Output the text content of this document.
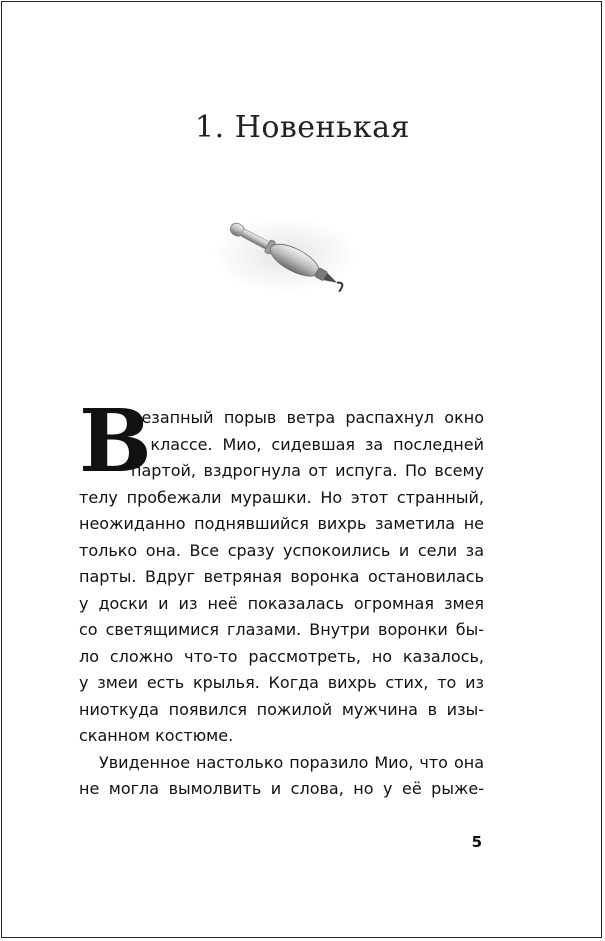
1. Новенькая
В
незапный порыв ветра распахнул окно
в классе. Мио, сидевшая за последней
партой, вздрогнула от испуга. По всему
телу пробежали мурашки. Но этот странный,
неожиданно поднявшийся вихрь заметила не
только она. Все сразу успокоились и сели за
парты. Вдруг ветряная воронка остановилась
у доски и из неё показалась огромная змея
со светящимися глазами. Внутри воронки бы-
ло сложно что-то рассмотреть, но казалось,
у змеи есть крылья. Когда вихрь стих, то из
ниоткуда появился пожилой мужчина в изы-
сканном костюме.
Увиденное настолько поразило Мио, что она
не могла вымолвить и слова, но у её рыже-
5
